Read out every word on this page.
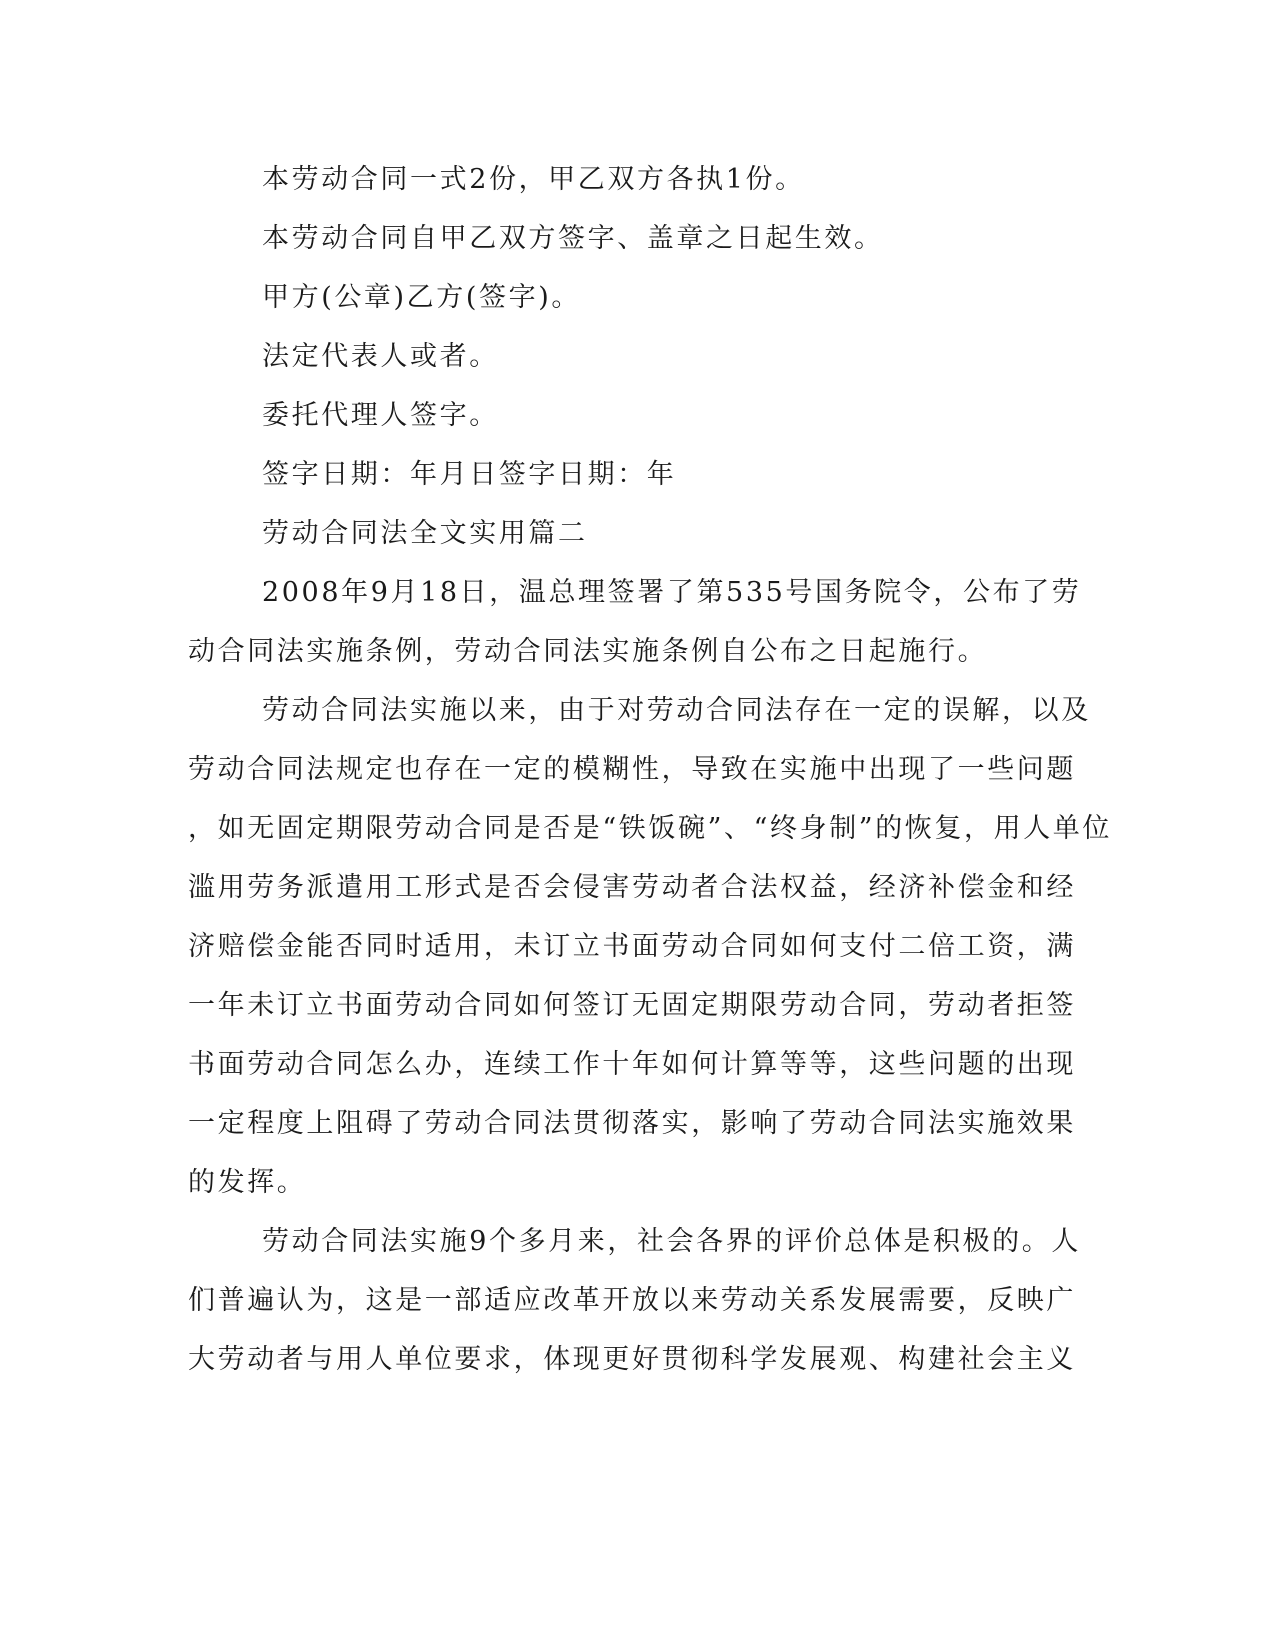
本劳动合同一式2份，甲乙双方各执1份。
本劳动合同自甲乙双方签字、盖章之日起生效。
甲方(公章)乙方(签字)。
法定代表人或者。
委托代理人签字。
签字日期：年月日签字日期：年
劳动合同法全文实用篇二
2008年9月18日，温总理签署了第535号国务院令，公布了劳
动合同法实施条例，劳动合同法实施条例自公布之日起施行。
劳动合同法实施以来，由于对劳动合同法存在一定的误解，以及
劳动合同法规定也存在一定的模糊性，导致在实施中出现了一些问题
，如无固定期限劳动合同是否是“铁饭碗”、“终身制”的恢复，用人单位
滥用劳务派遣用工形式是否会侵害劳动者合法权益，经济补偿金和经
济赔偿金能否同时适用，未订立书面劳动合同如何支付二倍工资，满
一年未订立书面劳动合同如何签订无固定期限劳动合同，劳动者拒签
书面劳动合同怎么办，连续工作十年如何计算等等，这些问题的出现
一定程度上阻碍了劳动合同法贯彻落实，影响了劳动合同法实施效果
的发挥。
劳动合同法实施9个多月来，社会各界的评价总体是积极的。人
们普遍认为，这是一部适应改革开放以来劳动关系发展需要，反映广
大劳动者与用人单位要求，体现更好贯彻科学发展观、构建社会主义
